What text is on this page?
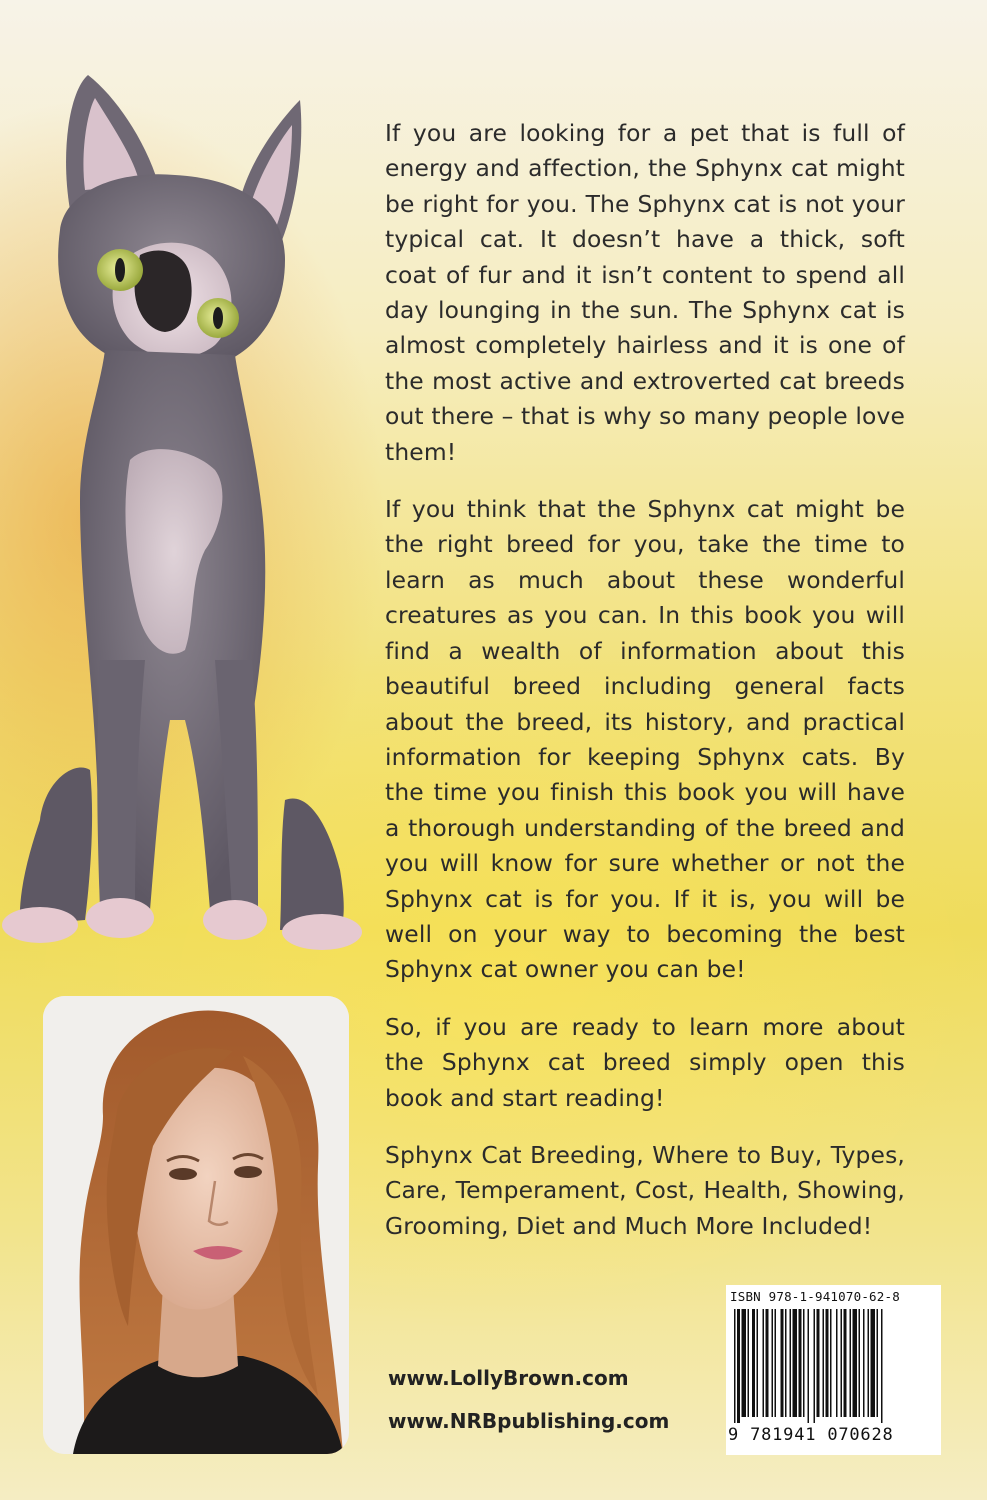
If you are looking for a pet that is full of energy and affection, the Sphynx cat might be right for you. The Sphynx cat is not your typical cat. It doesn’t have a thick, soft coat of fur and it isn’t content to spend all day lounging in the sun. The Sphynx cat is almost completely hairless and it is one of the most active and extroverted cat breeds out there – that is why so many people love them!

If you think that the Sphynx cat might be the right breed for you, take the time to learn as much about these wonderful creatures as you can. In this book you will find a wealth of information about this beautiful breed including general facts about the breed, its history, and practical information for keeping Sphynx cats. By the time you finish this book you will have a thorough understanding of the breed and you will know for sure whether or not the Sphynx cat is for you. If it is, you will be well on your way to becoming the best Sphynx cat owner you can be!

So, if you are ready to learn more about the Sphynx cat breed simply open this book and start reading!

Sphynx Cat Breeding, Where to Buy, Types, Care, Temperament, Cost, Health, Showing, Grooming, Diet and Much More Included!

www.LollyBrown.com
www.NRBpublishing.com
ISBN 978-1-941070-62-8
9 781941 070628
